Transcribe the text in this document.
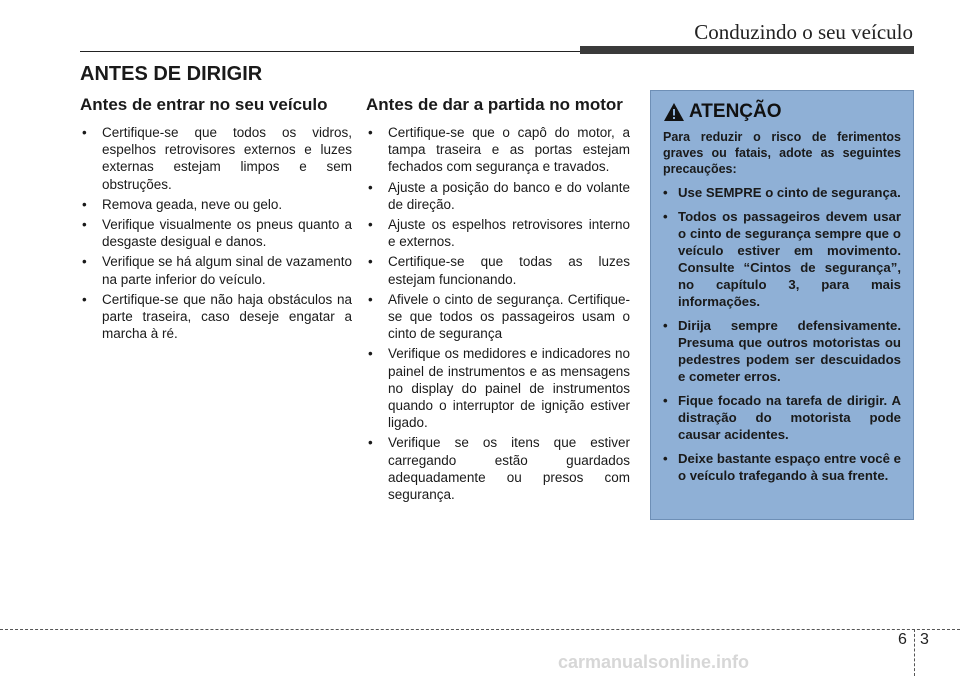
Conduzindo o seu veículo
ANTES DE DIRIGIR
Antes de entrar no seu veículo
• Certifique-se que todos os vidros, espelhos retrovisores externos e luzes externas estejam limpos e sem obstruções.
• Remova geada, neve ou gelo.
• Verifique visualmente os pneus quanto a desgaste desigual e danos.
• Verifique se há algum sinal de vazamento na parte inferior do veículo.
• Certifique-se que não haja obstáculos na parte traseira, caso deseje engatar a marcha à ré.
Antes de dar a partida no motor
• Certifique-se que o capô do motor, a tampa traseira e as portas estejam fechados com segurança e travados.
• Ajuste a posição do banco e do volante de direção.
• Ajuste os espelhos retrovisores interno e externos.
• Certifique-se que todas as luzes estejam funcionando.
• Afivele o cinto de segurança. Certifique-se que todos os passageiros usam o cinto de segurança
• Verifique os medidores e indicadores no painel de instrumentos e as mensagens no display do painel de instrumentos quando o interruptor de ignição estiver ligado.
• Verifique se os itens que estiver carregando estão guardados adequadamente ou presos com segurança.
ATENÇÃO

Para reduzir o risco de ferimentos graves ou fatais, adote as seguintes precauções:

• Use SEMPRE o cinto de segurança.
• Todos os passageiros devem usar o cinto de segurança sempre que o veículo estiver em movimento. Consulte “Cintos de segurança”, no capítulo 3, para mais informações.
• Dirija sempre defensivamente. Presuma que outros motoristas ou pedestres podem ser descuidados e cometer erros.
• Fique focado na tarefa de dirigir. A distração do motorista pode causar acidentes.
• Deixe bastante espaço entre você e o veículo trafegando à sua frente.
6 3
carmanualsonline.info
